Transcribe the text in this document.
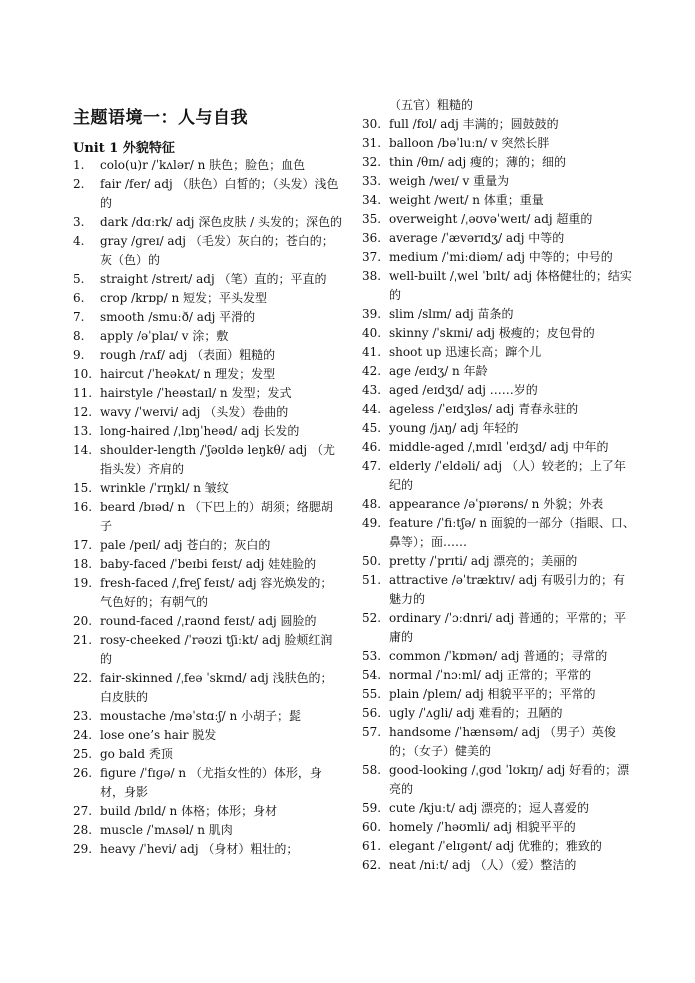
主题语境一：人与自我
Unit 1 外貌特征
1. colo(u)r /ˈkʌlər/ n 肤色；脸色；血色
2. fair /fer/ adj （肤色）白皙的；（头发）浅色的
3. dark /dɑːrk/ adj 深色皮肤 / 头发的；深色的
4. gray /ɡreɪ/ adj （毛发）灰白的；苍白的；灰（色）的
5. straight /streɪt/ adj （笔）直的；平直的
6. crop /krɒp/ n 短发；平头发型
7. smooth /smuːð/ adj 平滑的
8. apply /əˈplaɪ/ v 涂；敷
9. rough /rʌf/ adj （表面）粗糙的
10. haircut /ˈheəkʌt/ n 理发；发型
11. hairstyle /ˈheəstaɪl/ n 发型；发式
12. wavy /ˈweɪvi/ adj （头发）卷曲的
13. long-haired /ˌlɒŋˈheəd/ adj 长发的
14. shoulder-length /ˈʃəʊldə leŋkθ/ adj （尤指头发）齐肩的
15. wrinkle /ˈrɪŋkl/ n 皱纹
16. beard /bɪəd/ n （下巴上的）胡须；络腮胡子
17. pale /peɪl/ adj 苍白的；灰白的
18. baby-faced /ˈbeɪbi feɪst/ adj 娃娃脸的
19. fresh-faced /ˌfreʃ feɪst/ adj 容光焕发的；气色好的；有朝气的
20. round-faced /ˌraʊnd feɪst/ adj 圆脸的
21. rosy-cheeked /ˈrəʊzi tʃiːkt/ adj 脸颊红润的
22. fair-skinned /ˌfeə ˈskɪnd/ adj 浅肤色的；白皮肤的
23. moustache /məˈstɑːʃ/ n 小胡子；髭
24. lose one’s hair 脱发
25. go bald 秃顶
26. figure /ˈfɪɡə/ n （尤指女性的）体形，身材，身影
27. build /bɪld/ n 体格；体形；身材
28. muscle /ˈmʌsəl/ n 肌肉
29. heavy /ˈhevi/ adj （身材）粗壮的；
（五官）粗糙的
30. full /fʊl/ adj 丰满的；圆鼓鼓的
31. balloon /bəˈluːn/ v 突然长胖
32. thin /θɪn/ adj 瘦的；薄的；细的
33. weigh /weɪ/ v 重量为
34. weight /weɪt/ n 体重；重量
35. overweight /ˌəʊvəˈweɪt/ adj 超重的
36. average /ˈævərɪdʒ/ adj 中等的
37. medium /ˈmiːdiəm/ adj 中等的；中号的
38. well-built /ˌwel ˈbɪlt/ adj 体格健壮的；结实的
39. slim /slɪm/ adj 苗条的
40. skinny /ˈskɪni/ adj 极瘦的；皮包骨的
41. shoot up 迅速长高；蹿个儿
42. age /eɪdʒ/ n 年龄
43. aged /eɪdʒd/ adj ……岁的
44. ageless /ˈeɪdʒləs/ adj 青春永驻的
45. young /jʌŋ/ adj 年轻的
46. middle-aged /ˌmɪdl ˈeɪdʒd/ adj 中年的
47. elderly /ˈeldəli/ adj （人）较老的；上了年纪的
48. appearance /əˈpɪərəns/ n 外貌；外表
49. feature /ˈfiːtʃə/ n 面貌的一部分（指眼、口、鼻等）；面……
50. pretty /ˈprɪti/ adj 漂亮的；美丽的
51. attractive /əˈtræktɪv/ adj 有吸引力的；有魅力的
52. ordinary /ˈɔːdnri/ adj 普通的；平常的；平庸的
53. common /ˈkɒmən/ adj 普通的；寻常的
54. normal /ˈnɔːml/ adj 正常的；平常的
55. plain /pleɪn/ adj 相貌平平的；平常的
56. ugly /ˈʌɡli/ adj 难看的；丑陋的
57. handsome /ˈhænsəm/ adj （男子）英俊的；（女子）健美的
58. good-looking /ˌɡʊd ˈlʊkɪŋ/ adj 好看的；漂亮的
59. cute /kjuːt/ adj 漂亮的；逗人喜爱的
60. homely /ˈhəʊmli/ adj 相貌平平的
61. elegant /ˈelɪɡənt/ adj 优雅的；雅致的
62. neat /niːt/ adj （人）（爱）整洁的
